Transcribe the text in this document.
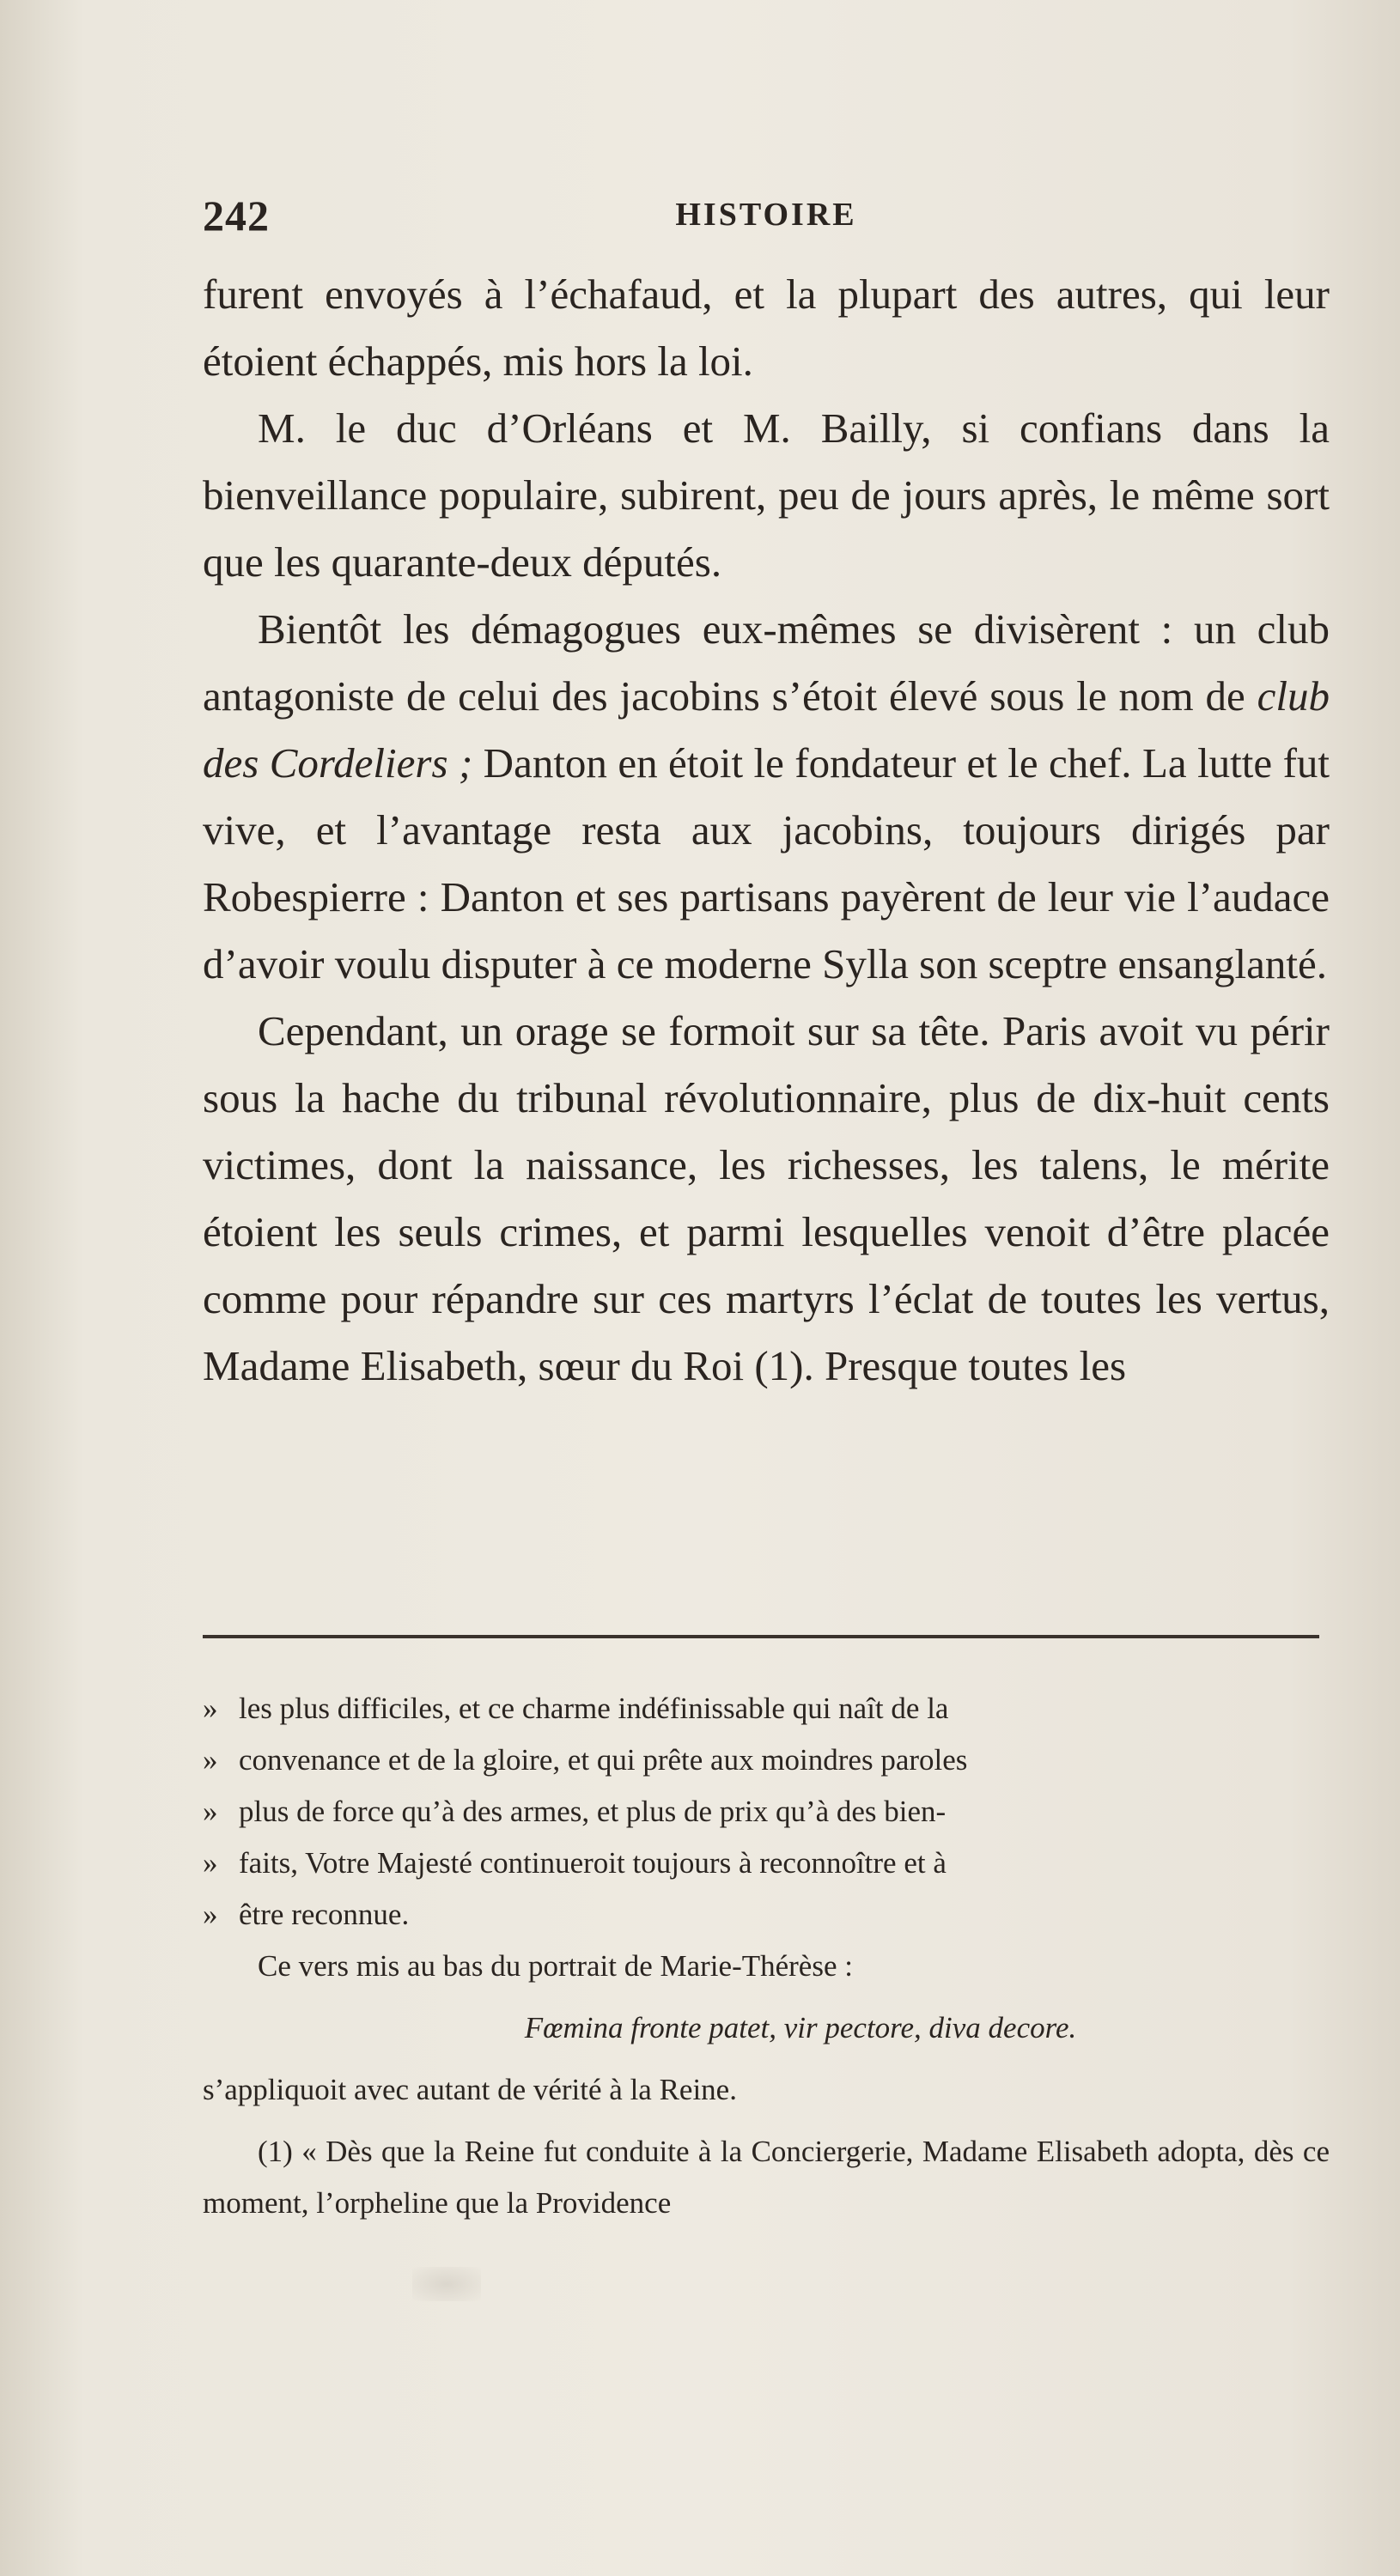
242	HISTOIRE

furent envoyés à l’échafaud, et la plupart des autres, qui leur étoient échappés, mis hors la loi.

M. le duc d’Orléans et M. Bailly, si confians dans la bienveillance populaire, subirent, peu de jours après, le même sort que les quarante-deux députés.

Bientôt les démagogues eux-mêmes se divisèrent : un club antagoniste de celui des jacobins s’étoit élevé sous le nom de club des Cordeliers ; Danton en étoit le fondateur et le chef. La lutte fut vive, et l’avantage resta aux jacobins, toujours dirigés par Robespierre : Danton et ses partisans payèrent de leur vie l’audace d’avoir voulu disputer à ce moderne Sylla son sceptre ensanglanté.

Cependant, un orage se formoit sur sa tête. Paris avoit vu périr sous la hache du tribunal révolutionnaire, plus de dix-huit cents victimes, dont la naissance, les richesses, les talens, le mérite étoient les seuls crimes, et parmi lesquelles venoit d’être placée comme pour répandre sur ces martyrs l’éclat de toutes les vertus, Madame Elisabeth, sœur du Roi (1). Presque toutes les

» les plus difficiles, et ce charme indéfinissable qui naît de la

» convenance et de la gloire, et qui prête aux moindres paroles

» plus de force qu’à des armes, et plus de prix qu’à des bien-

» faits, Votre Majesté continueroit toujours à reconnoître et à

» être reconnue.

Ce vers mis au bas du portrait de Marie-Thérèse :

Fœmina fronte patet, vir pectore, diva decore.

s’appliquoit avec autant de vérité à la Reine.

(1) « Dès que la Reine fut conduite à la Conciergerie, Madame Elisabeth adopta, dès ce moment, l’orpheline que la Providence
